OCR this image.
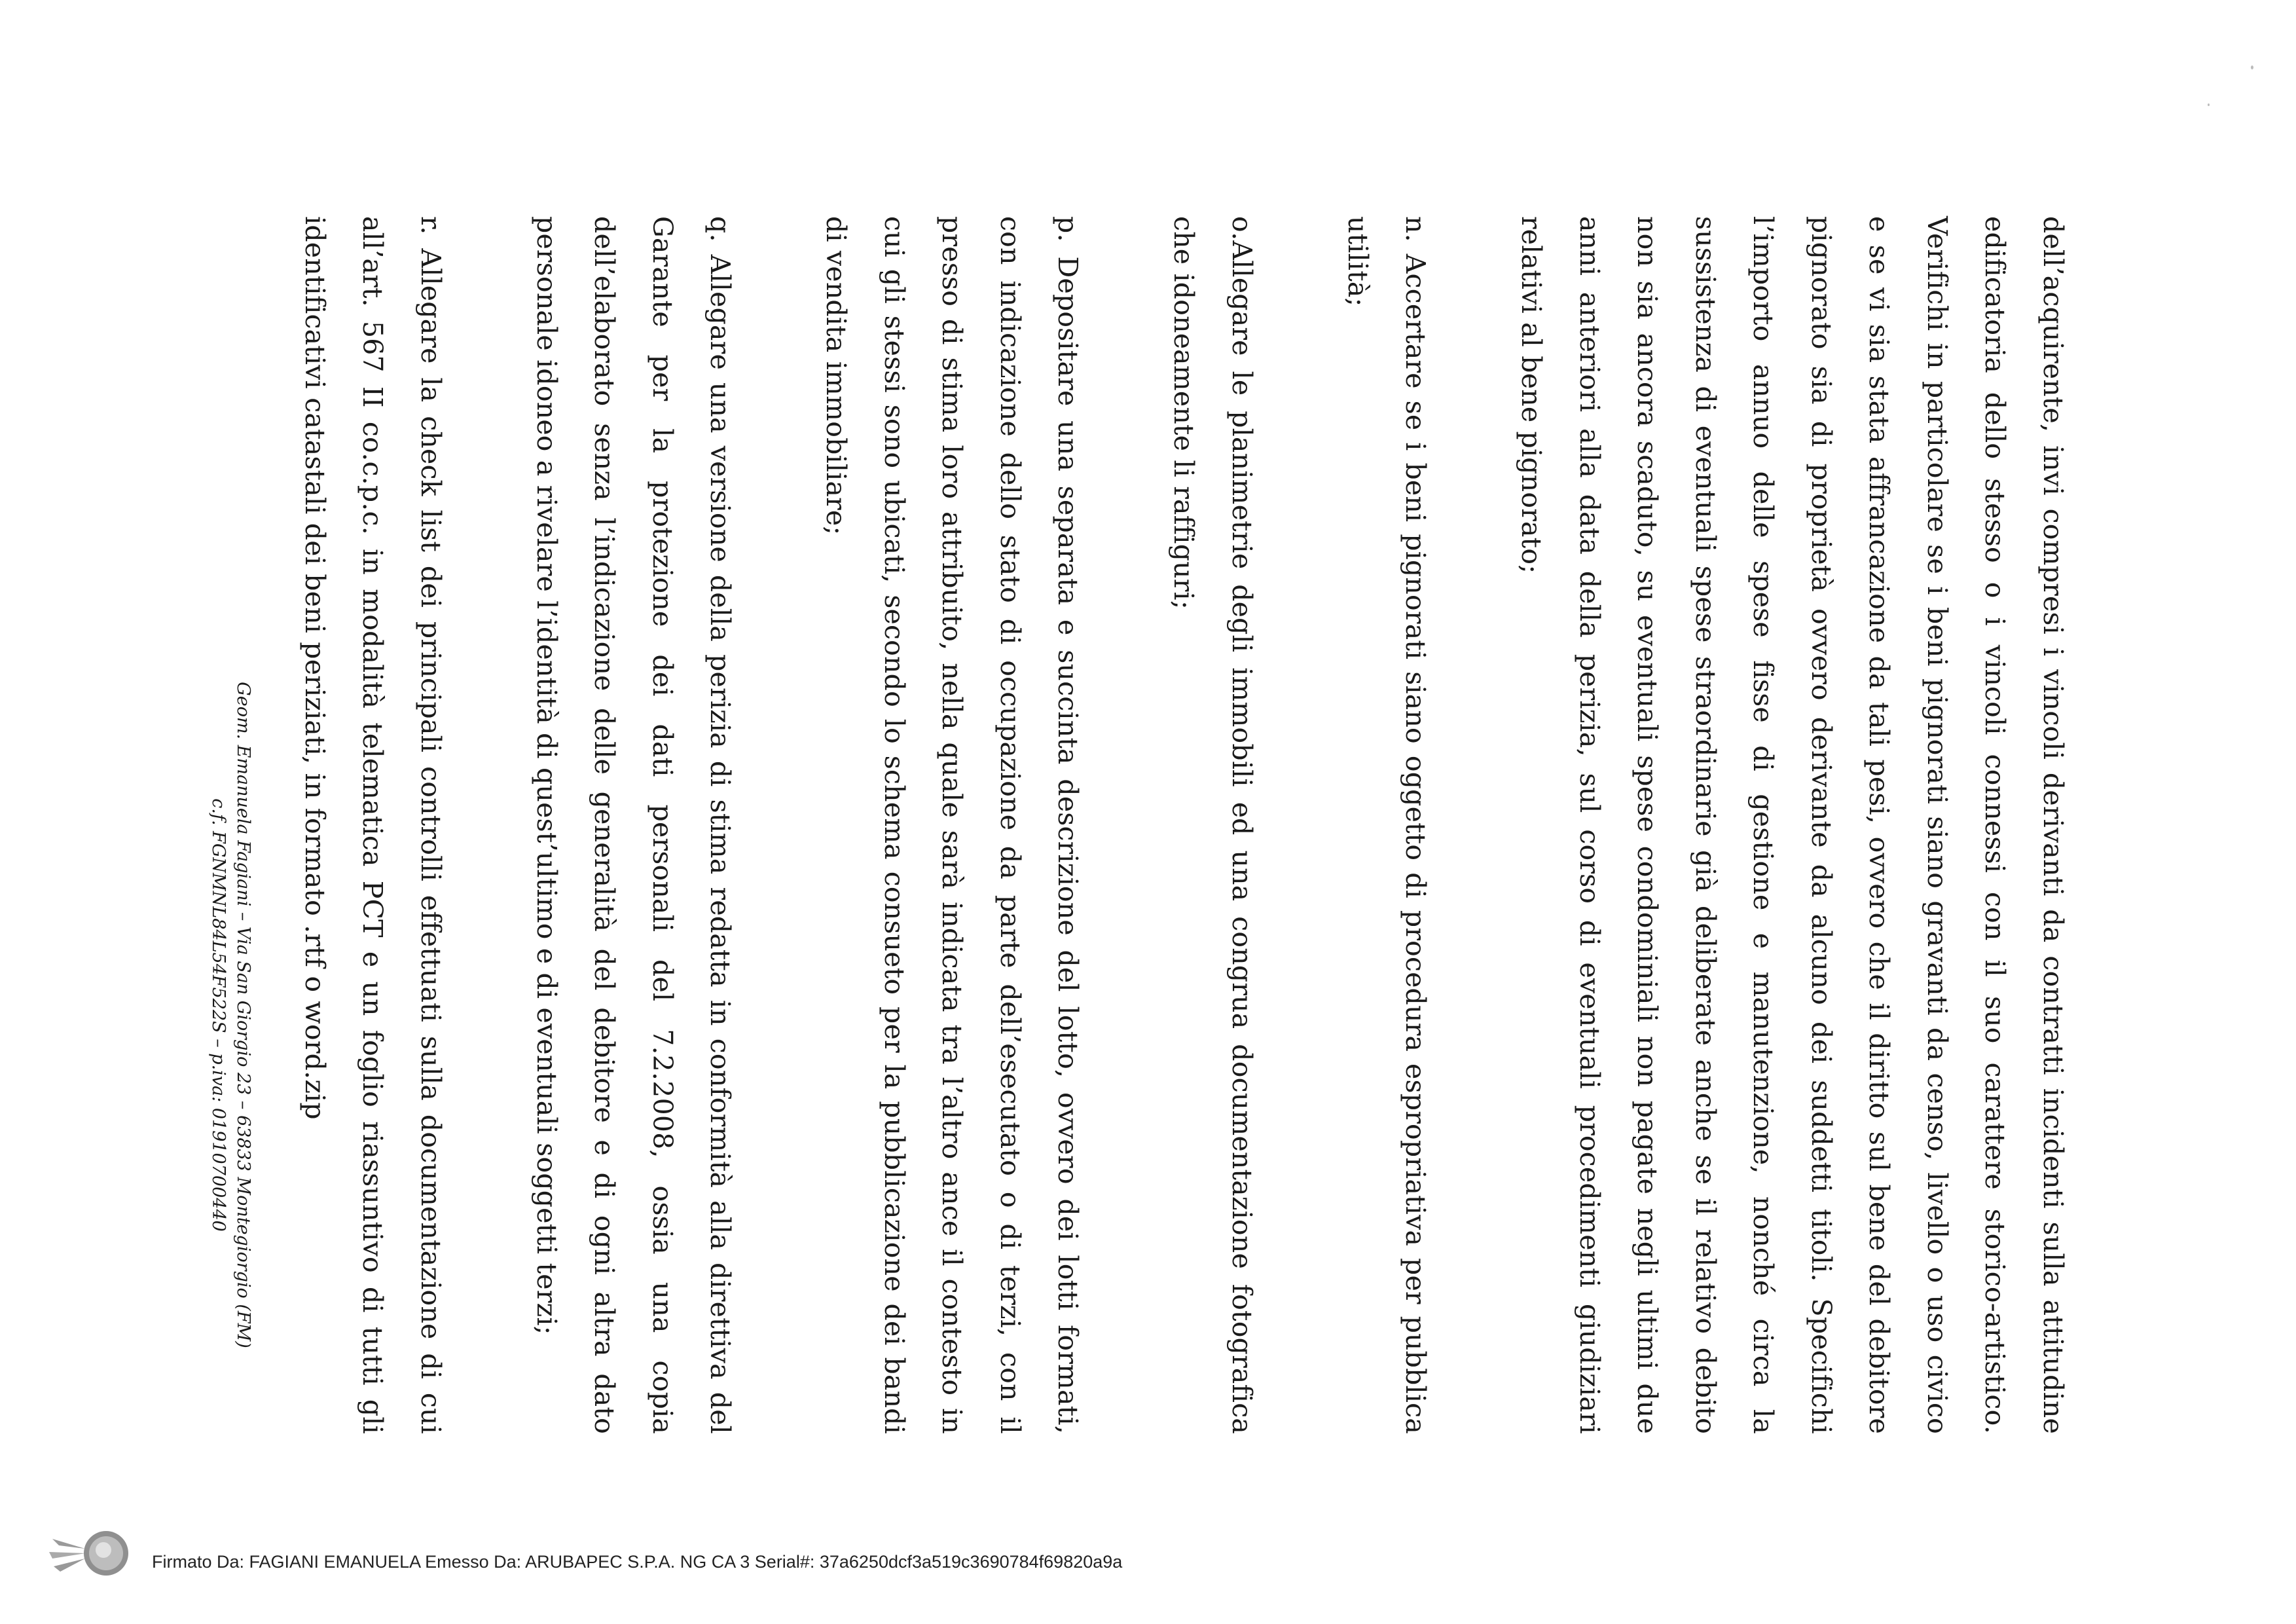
dell’acquirente, invi compresi i vincoli derivanti da contratti incidenti sulla attitudine
edificatoria dello stesso o i vincoli connessi con il suo carattere storico-artistico.
Verifichi in particolare se i beni pignorati siano gravanti da censo, livello o uso civico
e se vi sia stata affrancazione da tali pesi, ovvero che il diritto sul bene del debitore
pignorato sia di proprietà ovvero derivante da alcuno dei suddetti titoli. Specifichi
l’importo annuo delle spese fisse di gestione e manutenzione, nonché circa la
sussistenza di eventuali spese straordinarie già deliberate anche se il relativo debito
non sia ancora scaduto, su eventuali spese condominiali non pagate negli ultimi due
anni anteriori alla data della perizia, sul corso di eventuali procedimenti giudiziari
relativi al bene pignorato;

n. Accertare se i beni pignorati siano oggetto di procedura espropriativa per pubblica
utilità;

o.Allegare le planimetrie degli immobili ed una congrua documentazione fotografica
che idoneamente li raffiguri;

p. Depositare una separata e succinta descrizione del lotto, ovvero dei lotti formati,
con indicazione dello stato di occupazione da parte dell’esecutato o di terzi, con il
presso di stima loro attribuito, nella quale sarà indicata tra l’altro ance il contesto in
cui gli stessi sono ubicati, secondo lo schema consueto per la pubblicazione dei bandi
di vendita immobiliare;

q. Allegare una versione della perizia di stima redatta in conformità alla direttiva del
Garante per la protezione dei dati personali del 7.2.2008, ossia una copia
dell’elaborato senza l’indicazione delle generalità del debitore e di ogni altra dato
personale idoneo a rivelare l’identità di quest’ultimo e di eventuali soggetti terzi;

r. Allegare la check list dei principali controlli effettuati sulla documentazione di cui
all’art. 567 II co.c.p.c. in modalità telematica PCT e un foglio riassuntivo di tutti gli
identificativi catastali dei beni periziati, in formato .rtf o word.zip

Geom. Emanuela Fagiani – Via San Giorgio 23 – 63833 Montegiorgio (FM)
c.f. FGNMNL84L54F522S – p.iva: 01910700440
Firmato Da: FAGIANI EMANUELA Emesso Da: ARUBAPEC S.P.A. NG CA 3 Serial#: 37a6250dcf3a519c3690784f69820a9a
